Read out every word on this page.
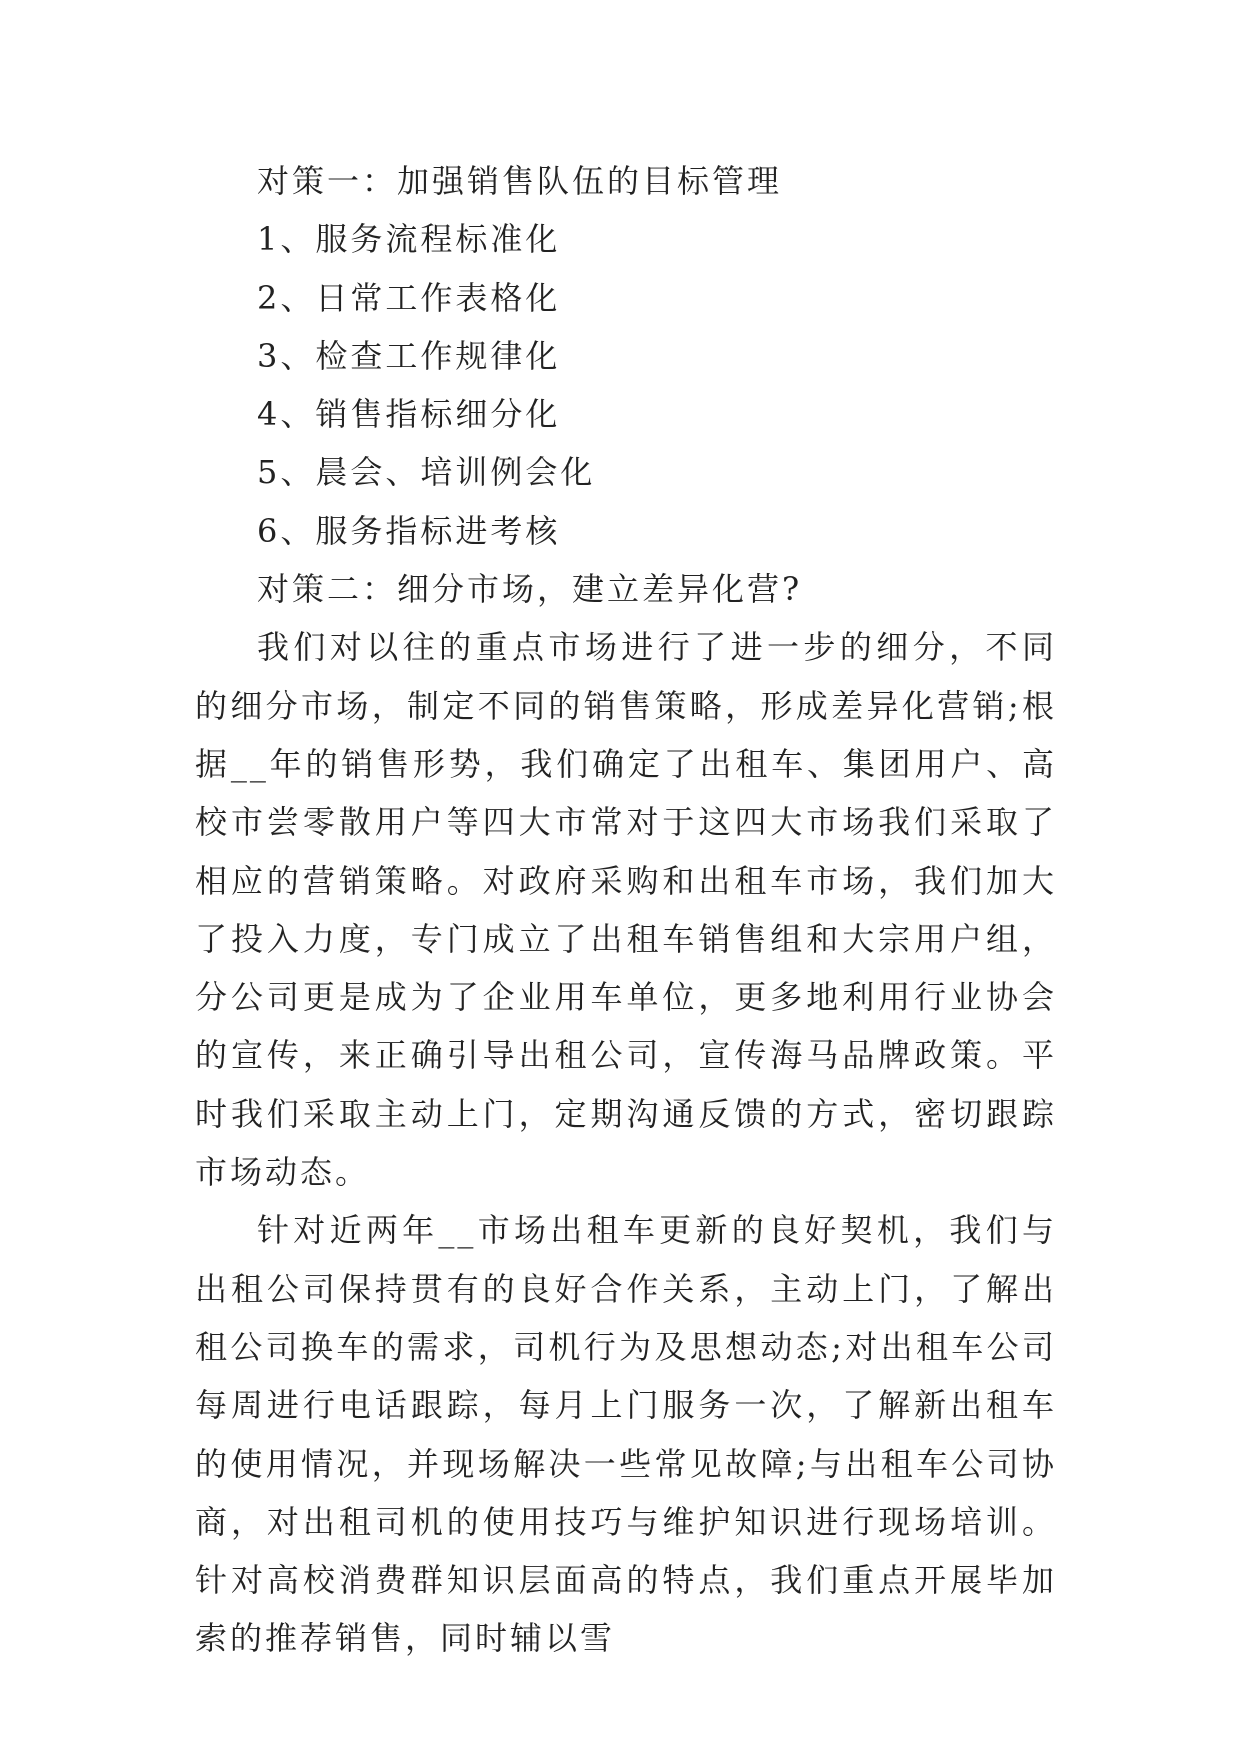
对策一：加强销售队伍的目标管理

1、服务流程标准化

2、日常工作表格化

3、检查工作规律化

4、销售指标细分化

5、晨会、培训例会化

6、服务指标进考核

对策二：细分市场，建立差异化营?

我们对以往的重点市场进行了进一步的细分，不同的细分市场，制定不同的销售策略，形成差异化营销;根据__年的销售形势，我们确定了出租车、集团用户、高校市尝零散用户等四大市常对于这四大市场我们采取了相应的营销策略。对政府采购和出租车市场，我们加大了投入力度，专门成立了出租车销售组和大宗用户组，分公司更是成为了企业用车单位，更多地利用行业协会的宣传，来正确引导出租公司，宣传海马品牌政策。平时我们采取主动上门，定期沟通反馈的方式，密切跟踪市场动态。

针对近两年__市场出租车更新的良好契机，我们与出租公司保持贯有的良好合作关系，主动上门，了解出租公司换车的需求，司机行为及思想动态;对出租车公司每周进行电话跟踪，每月上门服务一次，了解新出租车的使用情况，并现场解决一些常见故障;与出租车公司协商，对出租司机的使用技巧与维护知识进行现场培训。针对高校消费群知识层面高的特点，我们重点开展毕加索的推荐销售，同时辅以雪
